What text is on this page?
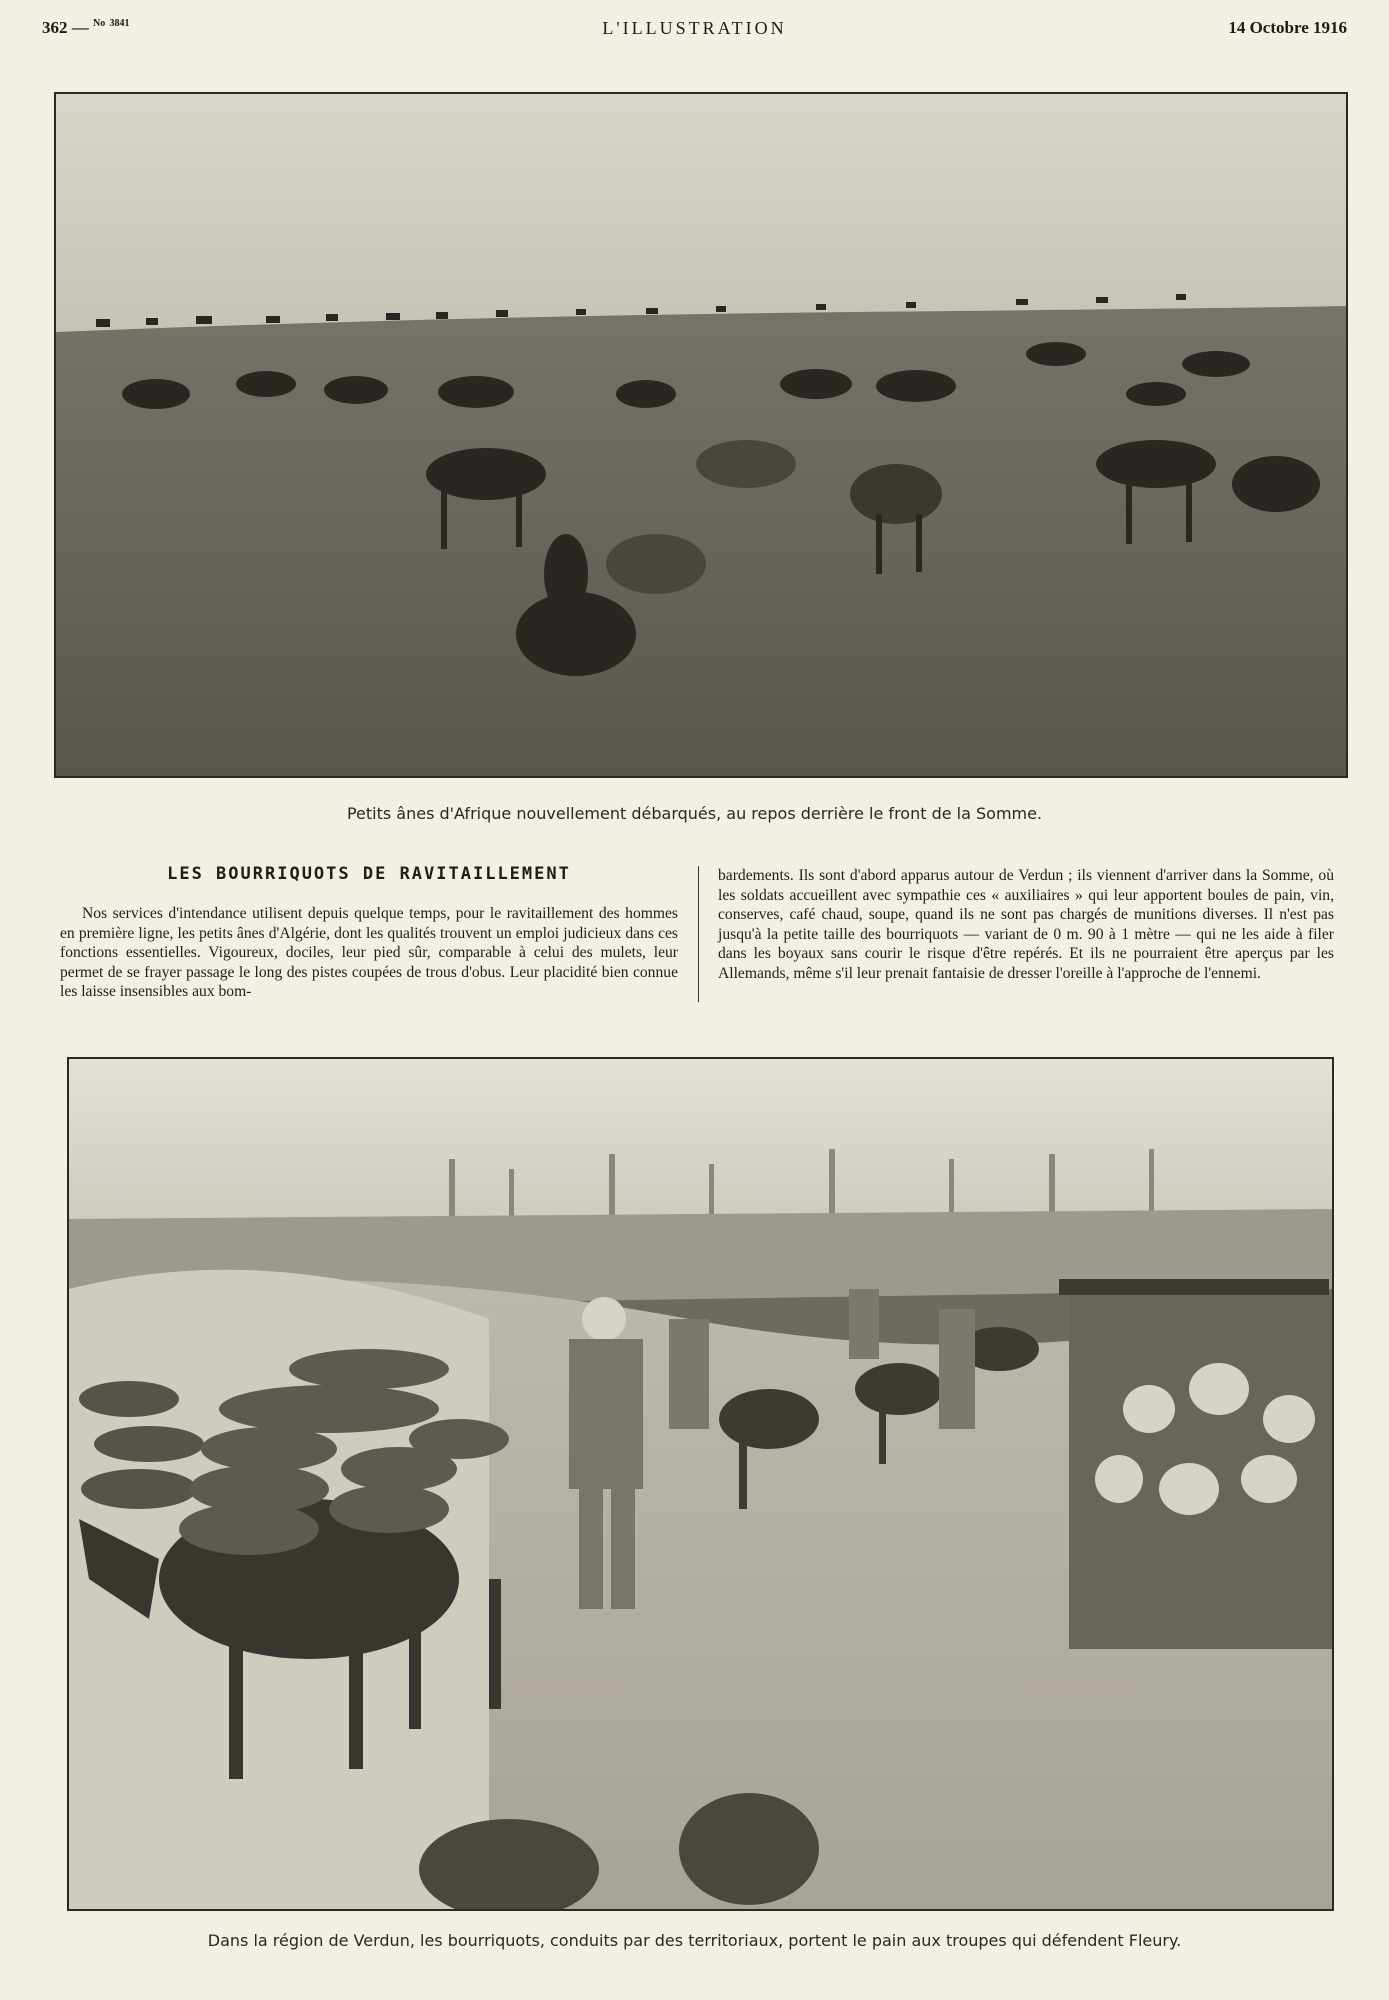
362 — $^{No}$ $^{3841}$	L'ILLUSTRATION	14 Octobre 1916
Petits ânes d'Afrique nouvellement débarqués, au repos derrière le front de la Somme.
LES BOURRIQUOTS DE RAVITAILLEMENT
Nos services d'intendance utilisent depuis quelque temps, pour le ravitaillement des hommes en première ligne, les petits ânes d'Algérie, dont les qualités trouvent un emploi judicieux dans ces fonctions essentielles. Vigoureux, dociles, leur pied sûr, comparable à celui des mulets, leur permet de se frayer passage le long des pistes coupées de trous d'obus. Leur placidité bien connue les laisse insensibles aux bom-
bardements. Ils sont d'abord apparus autour de Verdun ; ils viennent d'arriver dans la Somme, où les soldats accueillent avec sympathie ces « auxiliaires » qui leur apportent boules de pain, vin, conserves, café chaud, soupe, quand ils ne sont pas chargés de munitions diverses. Il n'est pas jusqu'à la petite taille des bourriquots — variant de 0 m. 90 à 1 mètre — qui ne les aide à filer dans les boyaux sans courir le risque d'être repérés. Et ils ne pourraient être aperçus par les Allemands, même s'il leur prenait fantaisie de dresser l'oreille à l'approche de l'ennemi.
Dans la région de Verdun, les bourriquots, conduits par des territoriaux, portent le pain aux troupes qui défendent Fleury.
